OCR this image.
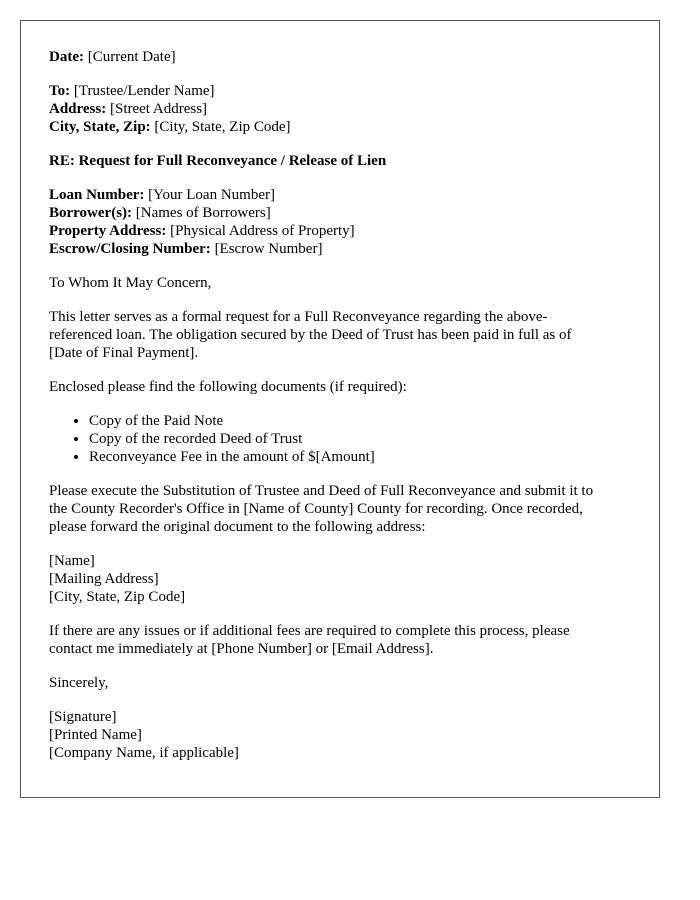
Date: [Current Date]
To: [Trustee/Lender Name]
Address: [Street Address]
City, State, Zip: [City, State, Zip Code]
RE: Request for Full Reconveyance / Release of Lien
Loan Number: [Your Loan Number]
Borrower(s): [Names of Borrowers]
Property Address: [Physical Address of Property]
Escrow/Closing Number: [Escrow Number]

To Whom It May Concern,

This letter serves as a formal request for a Full Reconveyance regarding the above-
referenced loan. The obligation secured by the Deed of Trust has been paid in full as of
[Date of Final Payment].

Enclosed please find the following documents (if required):

• Copy of the Paid Note
• Copy of the recorded Deed of Trust
• Reconveyance Fee in the amount of $[Amount]

Please execute the Substitution of Trustee and Deed of Full Reconveyance and submit it to
the County Recorder's Office in [Name of County] County for recording. Once recorded,
please forward the original document to the following address:

[Name]
[Mailing Address]
[City, State, Zip Code]

If there are any issues or if additional fees are required to complete this process, please
contact me immediately at [Phone Number] or [Email Address].

Sincerely,

[Signature]
[Printed Name]
[Company Name, if applicable]
